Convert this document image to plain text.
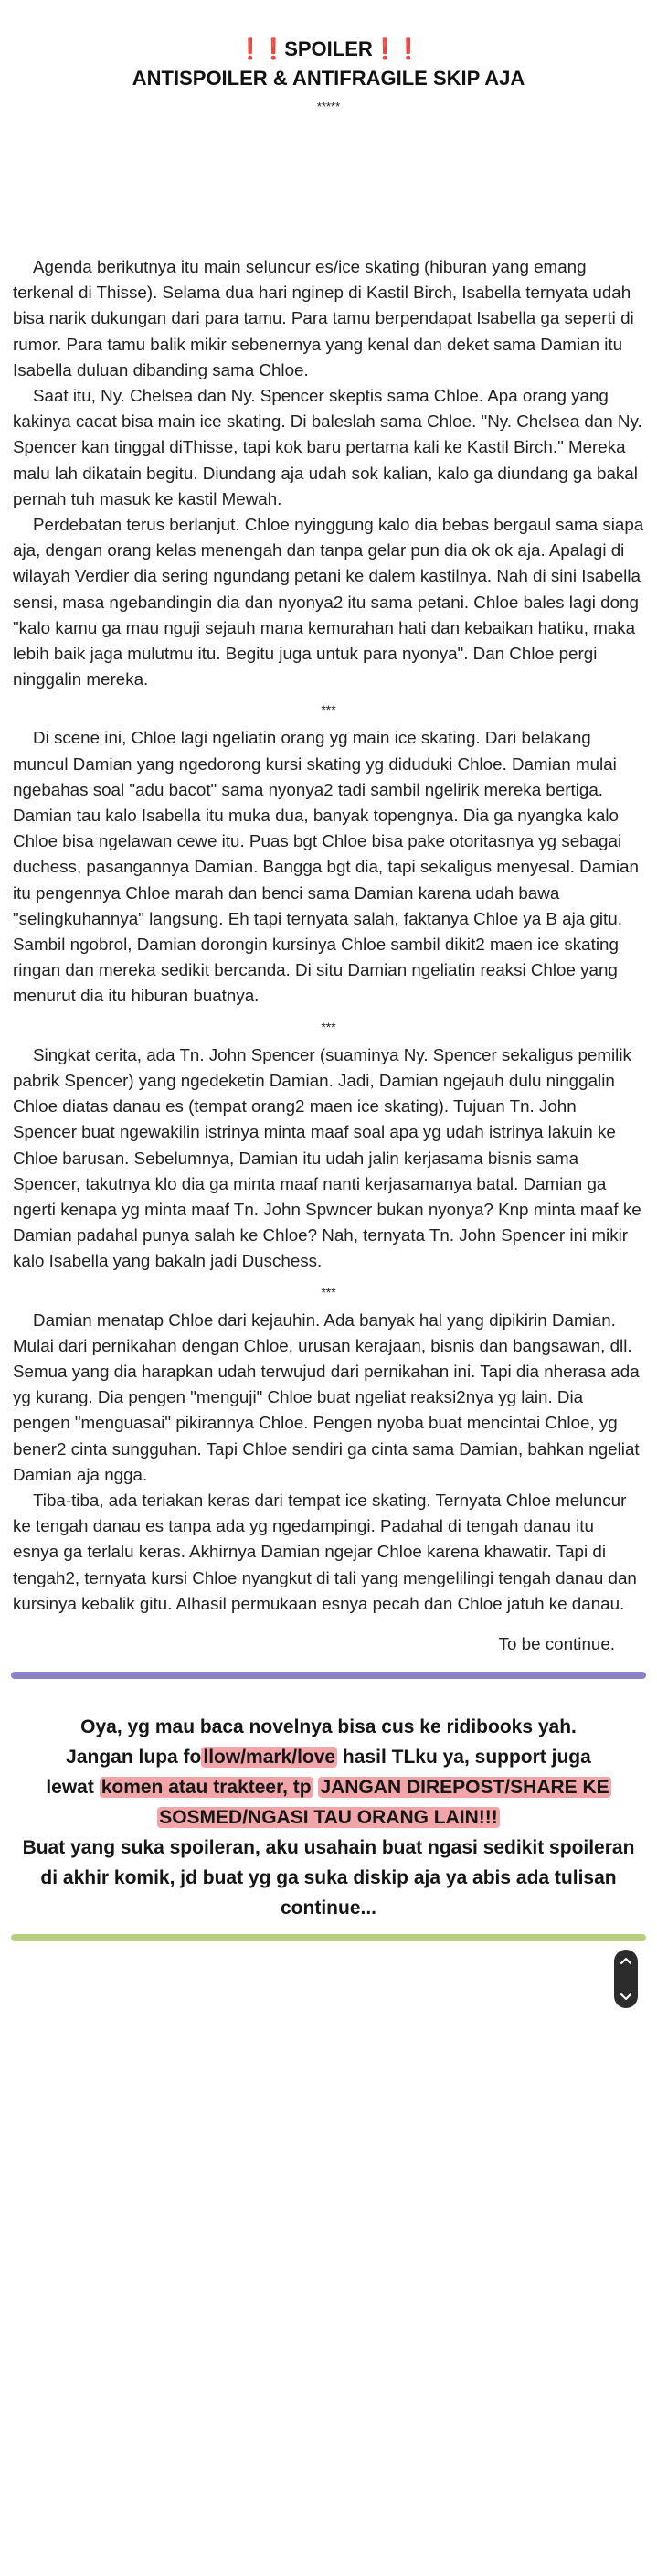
❗❗SPOILER❗❗

ANTISPOILER & ANTIFRAGILE SKIP AJA

*****

Agenda berikutnya itu main seluncur es/ice skating (hiburan yang emang terkenal di Thisse). Selama dua hari nginep di Kastil Birch, Isabella ternyata udah bisa narik dukungan dari para tamu. Para tamu berpendapat Isabella ga seperti di rumor. Para tamu balik mikir sebenernya yang kenal dan deket sama Damian itu Isabella duluan dibanding sama Chloe.

Saat itu, Ny. Chelsea dan Ny. Spencer skeptis sama Chloe. Apa orang yang kakinya cacat bisa main ice skating. Di baleslah sama Chloe. "Ny. Chelsea dan Ny. Spencer kan tinggal diThisse, tapi kok baru pertama kali ke Kastil Birch." Mereka malu lah dikatain begitu. Diundang aja udah sok kalian, kalo ga diundang ga bakal pernah tuh masuk ke kastil Mewah.

Perdebatan terus berlanjut. Chloe nyinggung kalo dia bebas bergaul sama siapa aja, dengan orang kelas menengah dan tanpa gelar pun dia ok ok aja. Apalagi di wilayah Verdier dia sering ngundang petani ke dalem kastilnya. Nah di sini Isabella sensi, masa ngebandingin dia dan nyonya2 itu sama petani. Chloe bales lagi dong "kalo kamu ga mau nguji sejauh mana kemurahan hati dan kebaikan hatiku, maka lebih baik jaga mulutmu itu. Begitu juga untuk para nyonya". Dan Chloe pergi ninggalin mereka.

***

Di scene ini, Chloe lagi ngeliatin orang yg main ice skating. Dari belakang muncul Damian yang ngedorong kursi skating yg diduduki Chloe. Damian mulai ngebahas soal "adu bacot" sama nyonya2 tadi sambil ngelirik mereka bertiga. Damian tau kalo Isabella itu muka dua, banyak topengnya. Dia ga nyangka kalo Chloe bisa ngelawan cewe itu. Puas bgt Chloe bisa pake otoritasnya yg sebagai duchess, pasangannya Damian. Bangga bgt dia, tapi sekaligus menyesal. Damian itu pengennya Chloe marah dan benci sama Damian karena udah bawa "selingkuhannya" langsung. Eh tapi ternyata salah, faktanya Chloe ya B aja gitu. Sambil ngobrol, Damian dorongin kursinya Chloe sambil dikit2 maen ice skating ringan dan mereka sedikit bercanda. Di situ Damian ngeliatin reaksi Chloe yang menurut dia itu hiburan buatnya.

***

Singkat cerita, ada Tn. John Spencer (suaminya Ny. Spencer sekaligus pemilik pabrik Spencer) yang ngedeketin Damian. Jadi, Damian ngejauh dulu ninggalin Chloe diatas danau es (tempat orang2 maen ice skating). Tujuan Tn. John Spencer buat ngewakilin istrinya minta maaf soal apa yg udah istrinya lakuin ke Chloe barusan. Sebelumnya, Damian itu udah jalin kerjasama bisnis sama Spencer, takutnya klo dia ga minta maaf nanti kerjasamanya batal. Damian ga ngerti kenapa yg minta maaf Tn. John Spwncer bukan nyonya? Knp minta maaf ke Damian padahal punya salah ke Chloe? Nah, ternyata Tn. John Spencer ini mikir kalo Isabella yang bakaln jadi Duschess.

***

Damian menatap Chloe dari kejauhin. Ada banyak hal yang dipikirin Damian. Mulai dari pernikahan dengan Chloe, urusan kerajaan, bisnis dan bangsawan, dll. Semua yang dia harapkan udah terwujud dari pernikahan ini. Tapi dia nherasa ada yg kurang. Dia pengen "menguji" Chloe buat ngeliat reaksi2nya yg lain. Dia pengen "menguasai" pikirannya Chloe. Pengen nyoba buat mencintai Chloe, yg bener2 cinta sungguhan. Tapi Chloe sendiri ga cinta sama Damian, bahkan ngeliat Damian aja ngga.

Tiba-tiba, ada teriakan keras dari tempat ice skating. Ternyata Chloe meluncur ke tengah danau es tanpa ada yg ngedampingi. Padahal di tengah danau itu esnya ga terlalu keras. Akhirnya Damian ngejar Chloe karena khawatir. Tapi di tengah2, ternyata kursi Chloe nyangkut di tali yang mengelilingi tengah danau dan kursinya kebalik gitu. Alhasil permukaan esnya pecah dan Chloe jatuh ke danau.

To be continue.

Oya, yg mau baca novelnya bisa cus ke ridibooks yah.

Jangan lupa follow/mark/love hasil TLku ya, support juga

lewat komen atau trakteer, tp JANGAN DIREPOST/SHARE KE

SOSMED/NGASI TAU ORANG LAIN!!!

Buat yang suka spoileran, aku usahain buat ngasi sedikit spoileran di akhir komik, jd buat yg ga suka diskip aja ya abis ada tulisan continue...
